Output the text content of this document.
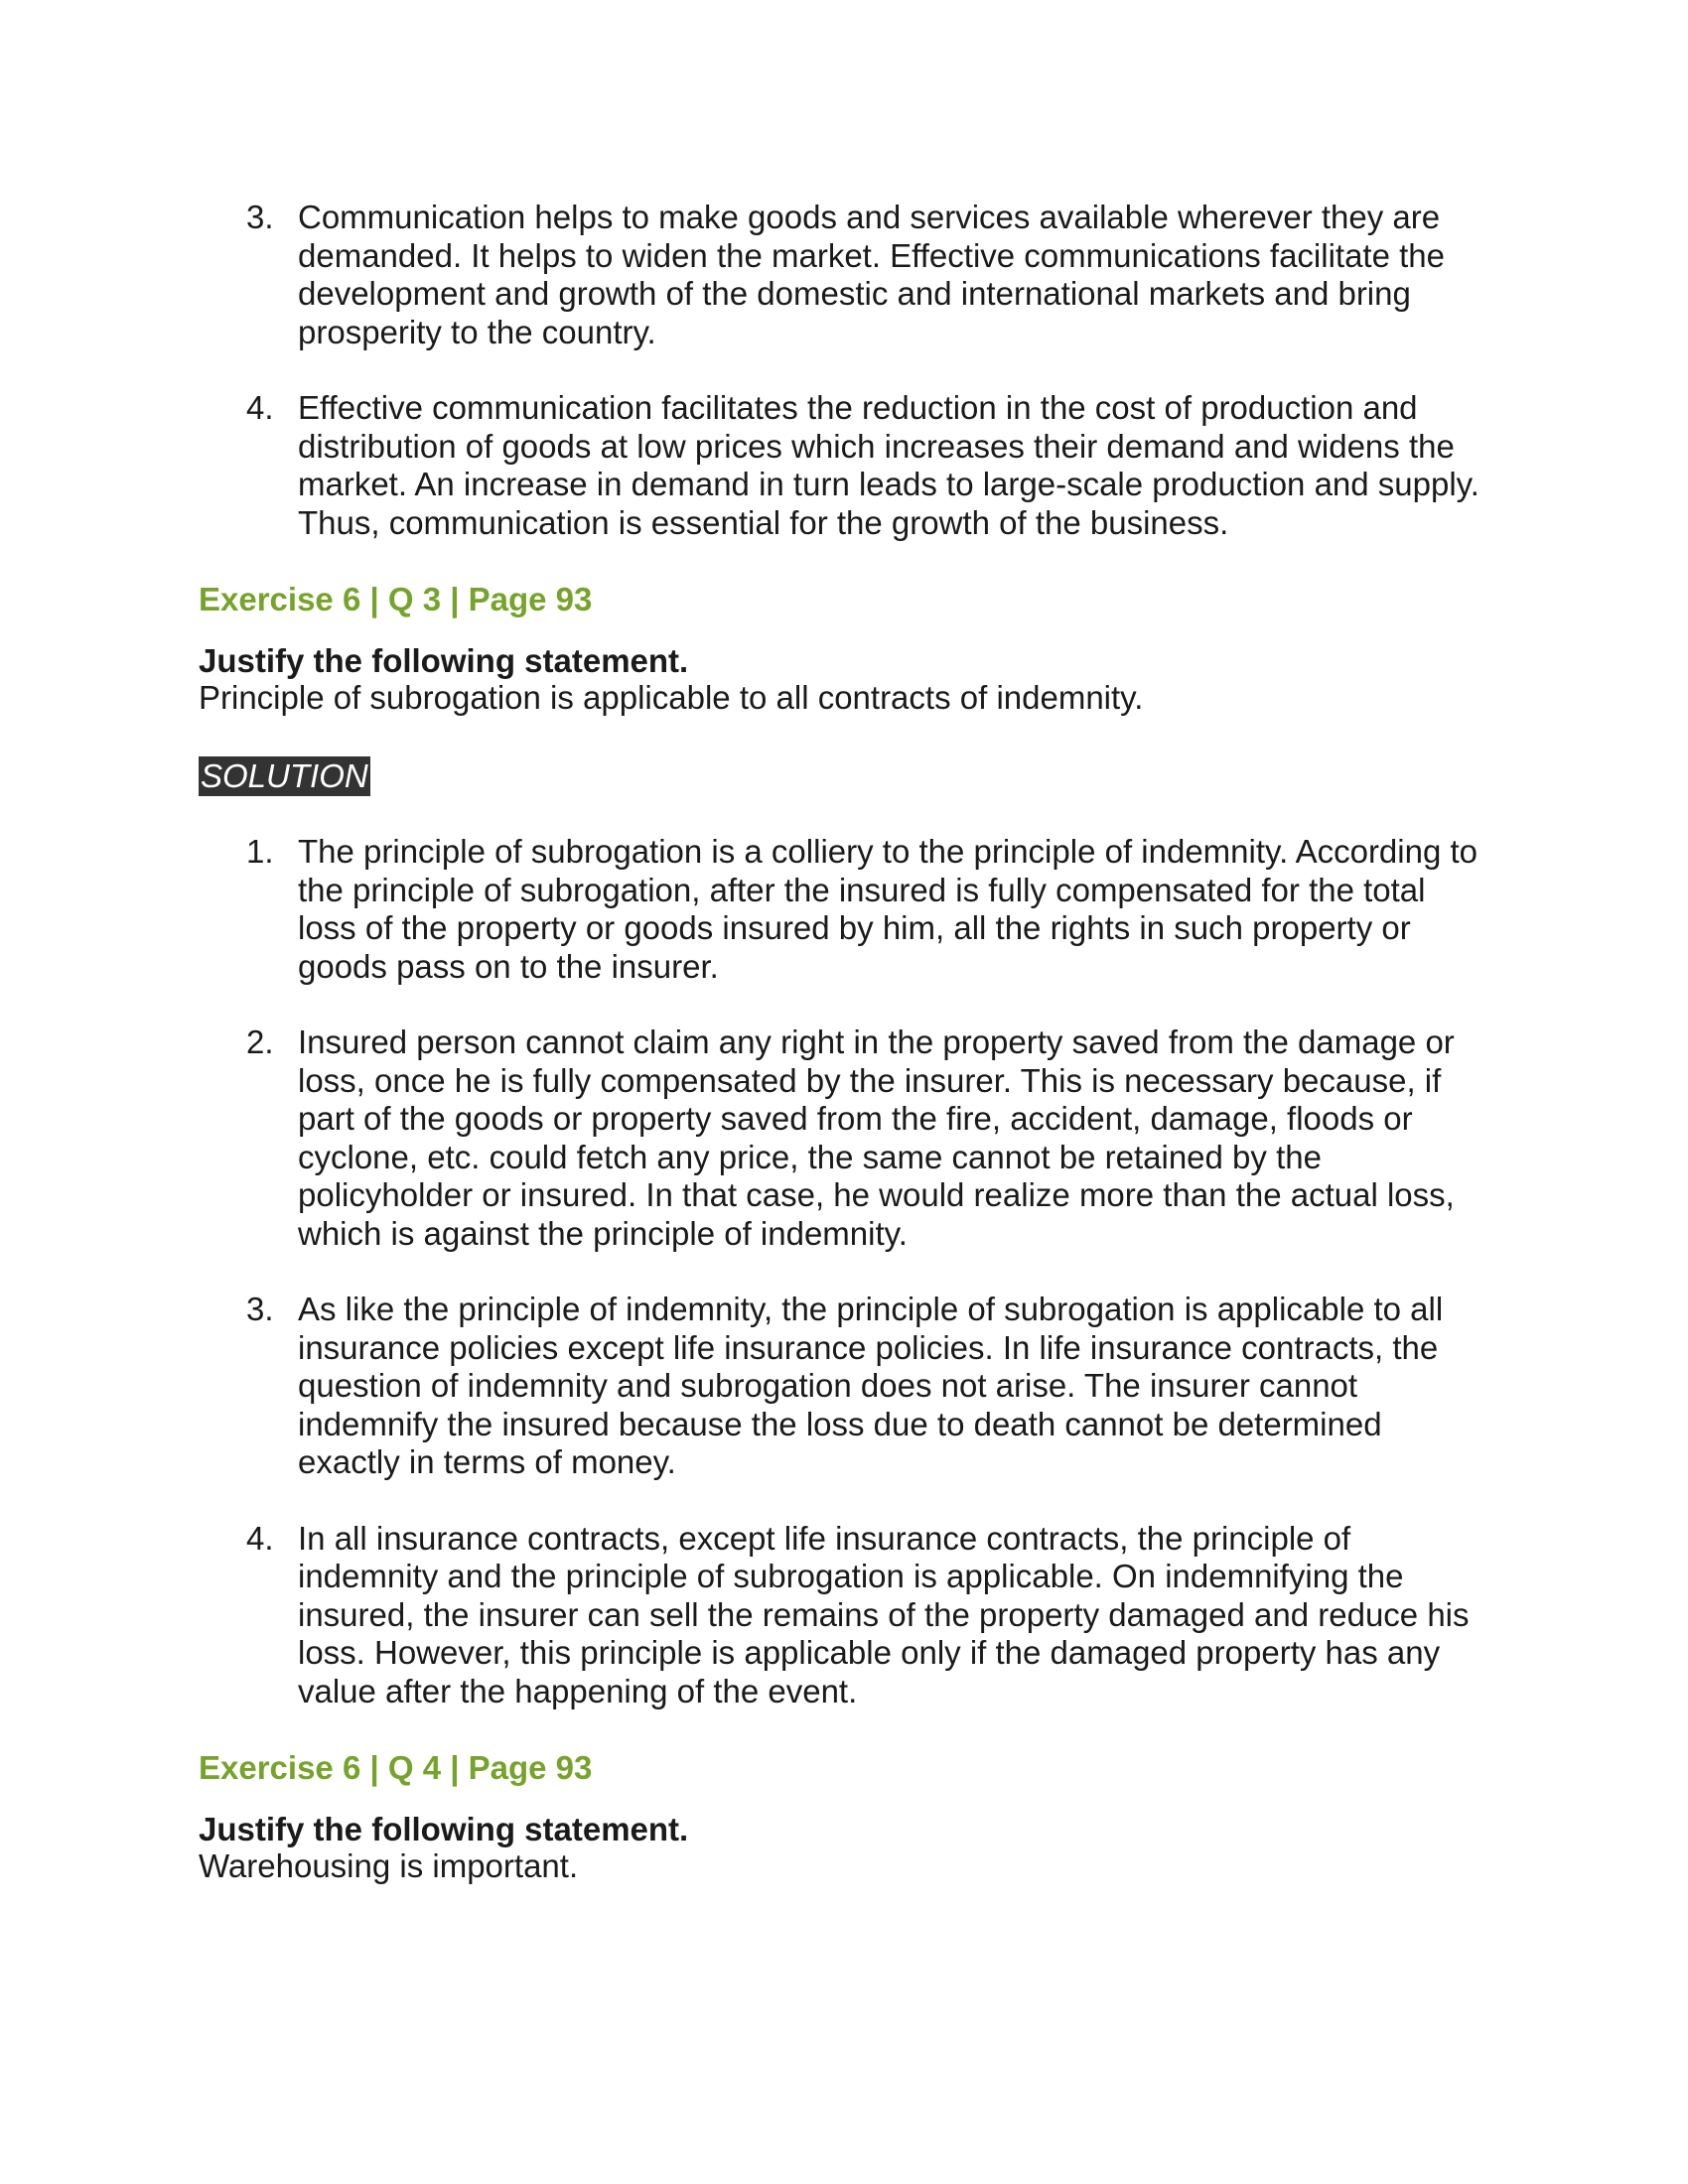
3. Communication helps to make goods and services available wherever they are demanded. It helps to widen the market. Effective communications facilitate the development and growth of the domestic and international markets and bring prosperity to the country.
4. Effective communication facilitates the reduction in the cost of production and distribution of goods at low prices which increases their demand and widens the market. An increase in demand in turn leads to large-scale production and supply. Thus, communication is essential for the growth of the business.
Exercise 6 | Q 3 | Page 93
Justify the following statement.
Principle of subrogation is applicable to all contracts of indemnity.
SOLUTION
1. The principle of subrogation is a colliery to the principle of indemnity. According to the principle of subrogation, after the insured is fully compensated for the total loss of the property or goods insured by him, all the rights in such property or goods pass on to the insurer.
2. Insured person cannot claim any right in the property saved from the damage or loss, once he is fully compensated by the insurer. This is necessary because, if part of the goods or property saved from the fire, accident, damage, floods or cyclone, etc. could fetch any price, the same cannot be retained by the policyholder or insured. In that case, he would realize more than the actual loss, which is against the principle of indemnity.
3. As like the principle of indemnity, the principle of subrogation is applicable to all insurance policies except life insurance policies. In life insurance contracts, the question of indemnity and subrogation does not arise. The insurer cannot indemnify the insured because the loss due to death cannot be determined exactly in terms of money.
4. In all insurance contracts, except life insurance contracts, the principle of indemnity and the principle of subrogation is applicable. On indemnifying the insured, the insurer can sell the remains of the property damaged and reduce his loss. However, this principle is applicable only if the damaged property has any value after the happening of the event.
Exercise 6 | Q 4 | Page 93
Justify the following statement.
Warehousing is important.
